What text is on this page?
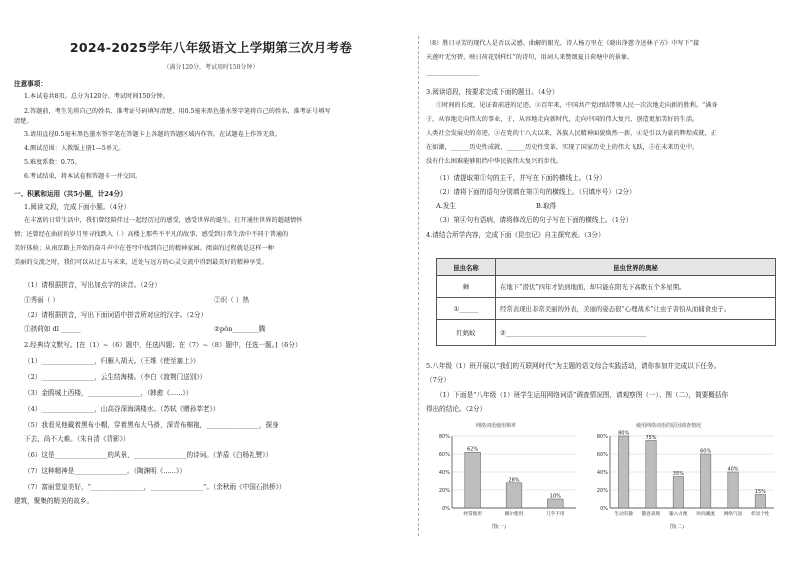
2024-2025学年八年级语文上学期第三次月考卷
（满分120分，考试用时150分钟）
注意事项：
1.本试卷共8页。总分为120分。考试时间150分钟。
2.答题前，考生先将自己的姓名、准考证号码填写清楚，用0.5毫米黑色墨水签字笔将自己的姓名、准考证号填写
清楚。
3.请用直径0.5毫米黑色墨水签字笔在答题卡上各题的答题区域内作答，在试题卷上作答无效。
4.测试范围：人教版上册1—5单元。
5.难度系数：0.75。
6.考试结束，将本试卷和答题卡一并交回。
一、积累和运用（共5小题，计24分）
1.阅读文段，完成下面小题。（4分）
在丰富的日常生活中，我们曾经陪伴过一起经历过的感受，感受世界的诞生，打开通往世界的超越情怀
情；还曾经在曲折的岁月里寻找跌入（ ）高楼上那些不平凡的故事，感受到日常生活中不同于普通的
美好体验；从南京路上开始的奋斗声中在苍穹中找到自己的精神家园。阅读的过程就是这样一种
美丽的交流之时，我们可以从过去与未来，近处与远方的心灵交流中得到最美好的精神享受。
（1）请根据拼音，写出加点字的读音。（2分）
①秀丽（ ）	②识（ ）热
（2）请根据拼音，写出下面词语中拼音所对应的汉字。（2分）
①拱荷如 dī ______	②pǒn________腾
2.经典诗文默写。[在（1）~（6）题中，任选四题；在（7）~（8）题中，任选一题。]（6分）
（1）________________，归雁入胡天。（王维《使至塞上》）
（2）________________，云生结海楼。（李白《渡荆门送别》）
（3）金鸥城上西楼，________________，（韩愈《......》）
（4）________________，山高谷深海满楼水。（苏轼《赠孙莘老》）
（5）我看见他戴着黑布小帽，穿着黑布大马褂，深青布棉袍，________________，探身
下去，尚不大难。（朱自清《背影》）
（6）这是________________的风景，________________的诗词。（茅盾《白杨礼赞》）
（7）这种精神是________________。（陶渊明《......》）
（7）富丽堂皇美好，“________________，________________”。（余秋雨《中国石拱桥》）
建筑，聚集的精美的故乡。
（8）胜日寻芳的现代人是否以灵感、曲解的眼光，诗人杨万里在《晓出净慈寺送林子方》中写下“接
天莲叶无穷碧，映日荷花别样红”的诗句，用词人来赞颂夏日荷塘中的景象。
________________
3.阅读语段，按要求完成下面的题目。（4分）
①时间的长度，见证着前进的足迹。②百年来，中国共产党团结带领人民一次次地走向新的胜利。“满身
于，从容地走向伟大的事业，于，从容地走向新时代，走向中国的伟大复兴，创造更加美好的生活。
人类社会发展史的奇迹。③在党的十八大以来，各族人民精神面貌焕然一新，④是引以为豪的辉煌成就，正
在如潮，______历史性成就，______历史性变革，实现了国家历史上的伟大飞跃，⑤在未来历史中，
没有什么困难能够阻挡中华民族伟大复兴的步伐。
（1）请提取第①句的主干，并写在下面的横线上。（1分）
（2）请将下面的语句分别填在第③句的横线上。（只填序号）（2分）
A.发生	B.取得
（3）第④句有语病，请将修改后的句子写在下面的横线上。（1分）
4.请结合所学内容，完成下面《昆虫记》自主探究表。（3分）
昆虫名称	昆虫世界的奥秘
蝉	在地下“潜伏”四年才钻到地面，却只能在阳光下高歌五个多星期。
①______	经常表现出非常美丽的外表，美丽的姿态很“心理战术”让虫子害怕从而捕食虫子。
红蚂蚁	②____________________________________________
5.八年级（1）班开展以“我们的互联网时代”为主题的语文综合实践活动，请你参加并完成以下任务。
（7分）
（1）下面是“八年级（1）班学生运用网络词语”调查情况图，请观察图（一）、图（二），简要概括你
得出的结论。（2分）
网络词语使用频率	使用网络词语的原因调查情况
0%
20%
40%
60%
80%
62%
经常使用
28%
偶尔使用
10%
几乎不用
0%
20%
40%
60%
80%
80%
生动有趣
75%
随意表现
35%
输入方便
60%
时尚潮流
40%
网络气氛
15%
彰显个性
图(一)	图(二)
